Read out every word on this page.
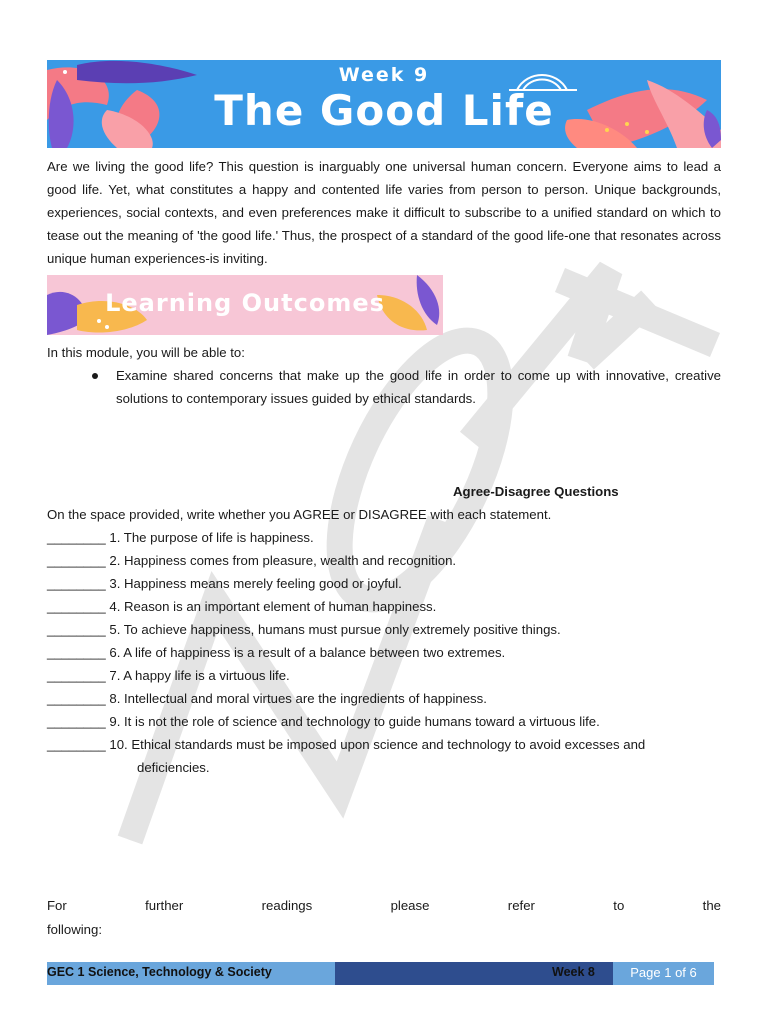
Week 9
The Good Life

Are we living the good life? This question is inarguably one universal human concern. Everyone aims to lead a good life. Yet, what constitutes a happy and contented life varies from person to person. Unique backgrounds, experiences, social contexts, and even preferences make it difficult to subscribe to a unified standard on which to tease out the meaning of 'the good life.' Thus, the prospect of a standard of the good life-one that resonates across unique human experiences-is inviting.

Learning Outcomes
In this module, you will be able to:

Examine shared concerns that make up the good life in order to come up with innovative, creative solutions to contemporary issues guided by ethical standards.

Agree-Disagree Questions
On the space provided, write whether you AGREE or DISAGREE with each statement.
________ 1. The purpose of life is happiness.
________ 2. Happiness comes from pleasure, wealth and recognition.
________ 3. Happiness means merely feeling good or joyful.
________ 4. Reason is an important element of human happiness.
________ 5. To achieve happiness, humans must pursue only extremely positive things.
________ 6. A life of happiness is a result of a balance between two extremes.
________ 7. A happy life is a virtuous life.
________ 8. Intellectual and moral virtues are the ingredients of happiness.
________ 9. It is not the role of science and technology to guide humans toward a virtuous life.
________ 10. Ethical standards must be imposed upon science and technology to avoid excesses and
deficiencies.

For further readings please refer to the

following:
GEC 1 Science, Technology & Society	Week 8	Page 1 of 6
